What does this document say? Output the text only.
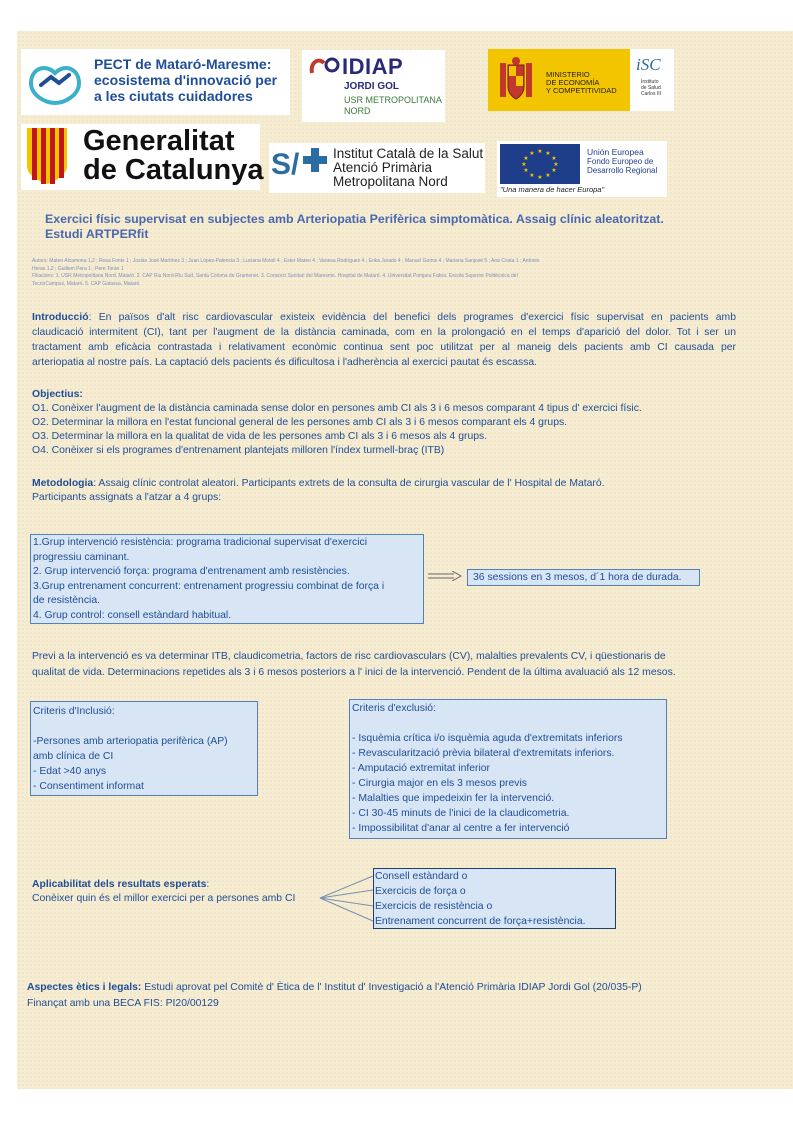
PECT de Mataró-Maresme:
ecosistema d'innovació per
a les ciutats cuidadores
IDIAP
JORDI GOL
USR METROPOLITANA
NORD
MINISTERIO
DE ECONOMÍA
Y COMPETITIVIDAD
iSC
Instituto
de Salud
Carlos III
Generalitat
de Catalunya S/ Institut Català de la Salut
Atenció Primària
Metropolitana Nord
★ ★
★
★
★
★
★
★
★
★
★
★	Unión Europea
Fondo Europeo de
Desarrollo Regional
"Una manera de hacer Europa"
Exercici físic supervisat en subjectes amb Arteriopatia Perifèrica simptomàtica. Assaig clínic aleatoritzat.
Estudi ARTPERfit
Autors: Mateo Alcamona 1,2 ; Rosa Fonts 1 ; Josiàs José Martínez 3 ; Juan López-Palencia 3 ; Luciana Motoll 4 ; Ester Mateo 4 ; Vanesa Rodríguez 4 ; Erika Jurado 4 ; Manuel Gomis 4 ; Mariana Sanjosé 5 ; Ana Costa 1 ; Antonio
Heras 1,2 ; Guillem Pera 1 ; Pere Torán 1
Filiacions: 1. USR Metropolitana Nord, Mataró. 2. CAP Riu Nord-Riu Sud, Santa Coloma de Gramenet. 3. Consorci Sanitari del Maresme. Hospital de Mataró. 4. Universitat Pompeu Fabra. Escola Superior Politècnica del
TecnoCampus, Mataró. 5. CAP Gatassa, Mataró.
Introducció: En països d'alt risc cardiovascular existeix evidència del benefici dels programes d'exercici físic supervisat en pacients amb
claudicació intermitent (CI), tant per l'augment de la distància caminada, com en la prolongació en el temps d'aparició del dolor. Tot i ser un
tractament amb eficàcia contrastada i relativament econòmic continua sent poc utilitzat per al maneig dels pacients amb CI causada per
arteriopatia al nostre país. La captació dels pacients és dificultosa i l'adherència al exercici pautat és escassa.
Objectius:
O1. Conèixer l'augment de la distància caminada sense dolor en persones amb CI als 3 i 6 mesos comparant 4 tipus d' exercici físic.
O2. Determinar la millora en l'estat funcional general de les persones amb CI als 3 i 6 mesos comparant els 4 grups.
O3. Determinar la millora en la qualitat de vida de les persones amb CI als 3 i 6 mesos als 4 grups.
O4. Conèixer si els programes d'entrenament plantejats milloren l'índex turmell-braç (ITB)
Metodologia: Assaig clínic controlat aleatori. Participants extrets de la consulta de cirurgia vascular de l' Hospital de Mataró.
Participants assignats a l'atzar a 4 grups:
1.Grup intervenció resistència: programa tradicional supervisat d'exercici
progressiu caminant.
2. Grup intervenció força: programa d'entrenament amb resistències.
3.Grup entrenament concurrent: entrenament progressiu combinat de força i
de resistència.
4. Grup control: consell estàndard habitual.
36 sessions en 3 mesos, d´1 hora de durada.
Previ a la intervenció es va determinar ITB, claudicometria, factors de risc cardiovasculars (CV), malalties prevalents CV, i qüestionaris de
qualitat de vida. Determinacions repetides als 3 i 6 mesos posteriors a l' inici de la intervenció. Pendent de la última avaluació als 12 mesos.
Criteris d'Inclusió:
-Persones amb arteriopatia perifèrica (AP)
amb clínica de CI
- Edat >40 anys
- Consentiment informat
Criteris d'exclusió:
- Isquèmia crítica i/o isquèmia aguda d'extremitats inferiors
- Revascularització prèvia bilateral d'extremitats inferiors.
- Amputació extremitat inferior
- Cirurgia major en els 3 mesos previs
- Malalties que impedeixin fer la intervenció.
- CI 30-45 minuts de l'inici de la claudicometria.
- Impossibilitat d'anar al centre a fer intervenció
Aplicabilitat dels resultats esperats:
Conèixer quin és el millor exercici per a persones amb CI
Consell estàndard o
Exercicis de força o
Exercicis de resistència o
Entrenament concurrent de força+resistència.
Aspectes ètics i legals: Estudi aprovat pel Comitè d' Ètica de l' Institut d' Investigació a l'Atenció Primària IDIAP Jordi Gol (20/035-P)
Finançat amb una BECA FIS: PI20/00129
